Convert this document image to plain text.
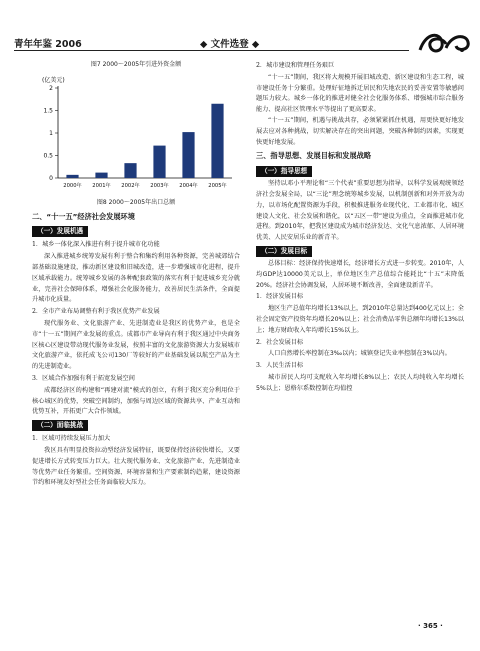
青年年鉴 2006	◆ 文件选登 ◆
图7 2000～2005年引进外资金额
(亿美元)
0
0.5
1
1.5
2
2000年 2001年 2002年 2003年 2004年 2005年
图8 2000～2005年出口总额
二、“十一五”经济社会发展环境
（一）发展机遇
1．城乡一体化深入推进有利于提升城市化功能

深入推进城乡统筹发展有利于整合和集约利用各种资源，完善城郊结合部基础设施建设，推动新区建设和旧城改造，进一步增强城市化进程，提升区域承载能力。统筹城乡发展的各种配套政策的落实有利于促进城乡充分就业，完善社会保障体系，增强社会化服务能力，改善居民生活条件，全面提升城市化质量。

2．全市产业布局调整有利于我区优势产业发展

现代服务业、文化旅游产业、先进制造业是我区的优势产业，也是全市“十一五”期间产业发展的重点。成都市产业导向有利于我区通过中央商务区核心区建设带动现代服务业发展，按照丰富的文化旅游资源大力发展城市文化旅游产业，依托成飞公司130厂等较好的产业基础发展以航空产品为主的先进制造业。

3．区域合作加强有利于拓宽发展空间

成都经济区的构建和“再建对流”模式的创立，有利于我区充分利用位于核心城区的优势，突破空间制约，加强与周边区域的资源共享、产业互动和优势互补，开拓更广大合作领域。

（二）面临挑战
1．区域可持续发展压力加大

我区具有明显投资拉动型经济发展特征，既要保持经济较快增长，又要促进增长方式转变压力巨大。壮大现代服务业、文化旅游产业、先进制造业等优势产业任务繁重。空间资源、环境容量和生产要素制约趋紧，建设资源节约和环境友好型社会任务面临较大压力。

2．城市建设和管理任务艰巨

“十一五”期间，我区将大规模开展旧城改造、新区建设和生态工程，城市建设任务十分繁重。处理好征地拆迁居民和失地农民的妥善安置等敏感问题压力较大。城乡一体化的推进对健全社会化服务体系、增强城市综合服务能力、提高社区管理水平等提出了更高要求。

“十一五”期间，机遇与挑战共存，必须紧紧抓住机遇，用更快更好地发展去应对各种挑战，切实解决存在的突出问题，突破各种制约因素，实现更快更好地发展。

三、指导思想、发展目标和发展战略
（一）指导思想

坚持以邓小平理论和“三个代表”重要思想为指导，以科学发展观统领经济社会发展全局，以“三论”理念统筹城乡发展，以机制创新和对外开放为动力，以市场化配置资源为手段，积极推进服务业现代化、工业都市化、城区建设人文化、社会发展和谐化，以“五区一带”建设为重点，全面推进城市化进程。到2010年，把我区建设成为城市经济发达、文化气息浓郁、人居环境优美、人民安居乐业的新青羊。

（二）发展目标

总体目标：经济保持快速增长，经济增长方式进一步转变。2010年，人均GDP达10000美元以上，单位地区生产总值综合能耗比“十五”末降低20%。经济社会协调发展，人居环境不断改善，全面建设新青羊。

1．经济发展目标

地区生产总值年均增长13%以上，到2010年总量达到400亿元以上；全社会固定资产投资年均增长20%以上；社会消费品零售总额年均增长13%以上；地方财政收入年均增长15%以上。

2．社会发展目标

人口自然增长率控制在3‰以内；城镇登记失业率控制在3%以内。

3．人民生活目标

城市居民人均可支配收入年均增长8%以上；农民人均纯收入年均增长5%以上；恩格尔系数控制在均值控

· 365 ·
